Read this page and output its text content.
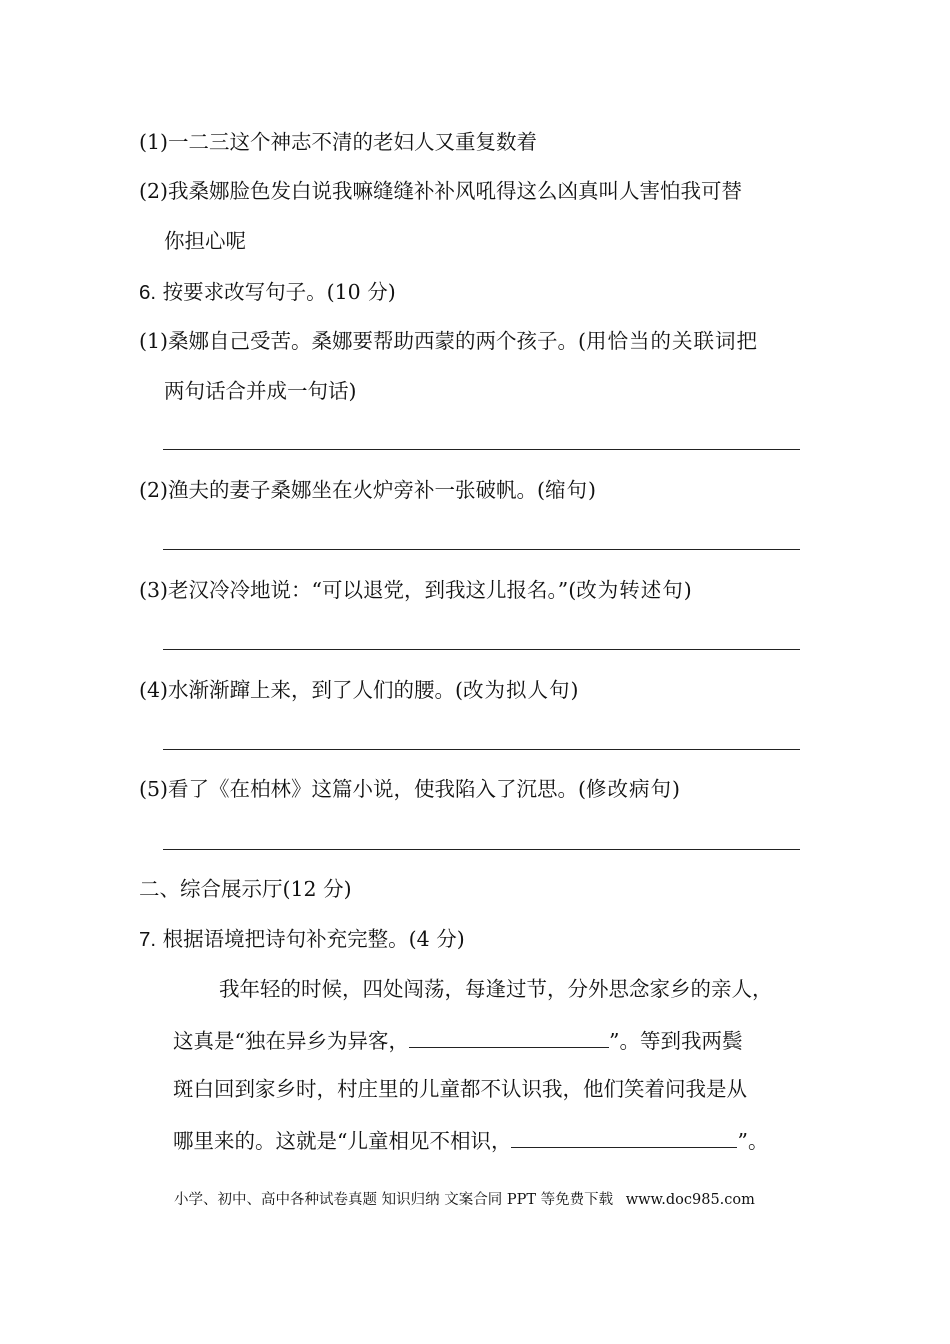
(1)一二三这个神志不清的老妇人又重复数着
(2)我桑娜脸色发白说我嘛缝缝补补风吼得这么凶真叫人害怕我可替
你担心呢
6. 按要求改写句子。(10 分)
(1)桑娜自己受苦。桑娜要帮助西蒙的两个孩子。(用恰当的关联词把
两句话合并成一句话)
(2)渔夫的妻子桑娜坐在火炉旁补一张破帆。(缩句)
(3)老汉冷冷地说：“可以退党，到我这儿报名。”(改为转述句)
(4)水渐渐蹿上来，到了人们的腰。(改为拟人句)
(5)看了《在柏林》这篇小说，使我陷入了沉思。(修改病句)
二、综合展示厅(12 分)
7. 根据语境把诗句补充完整。(4 分)
我年轻的时候，四处闯荡，每逢过节，分外思念家乡的亲人，
这真是“独在异乡为异客，	”。等到我两鬓
斑白回到家乡时，村庄里的儿童都不认识我，他们笑着问我是从
哪里来的。这就是“儿童相见不相识，	”。
小学、初中、高中各种试卷真题 知识归纳 文案合同 PPT 等免费下载 www.doc985.com
